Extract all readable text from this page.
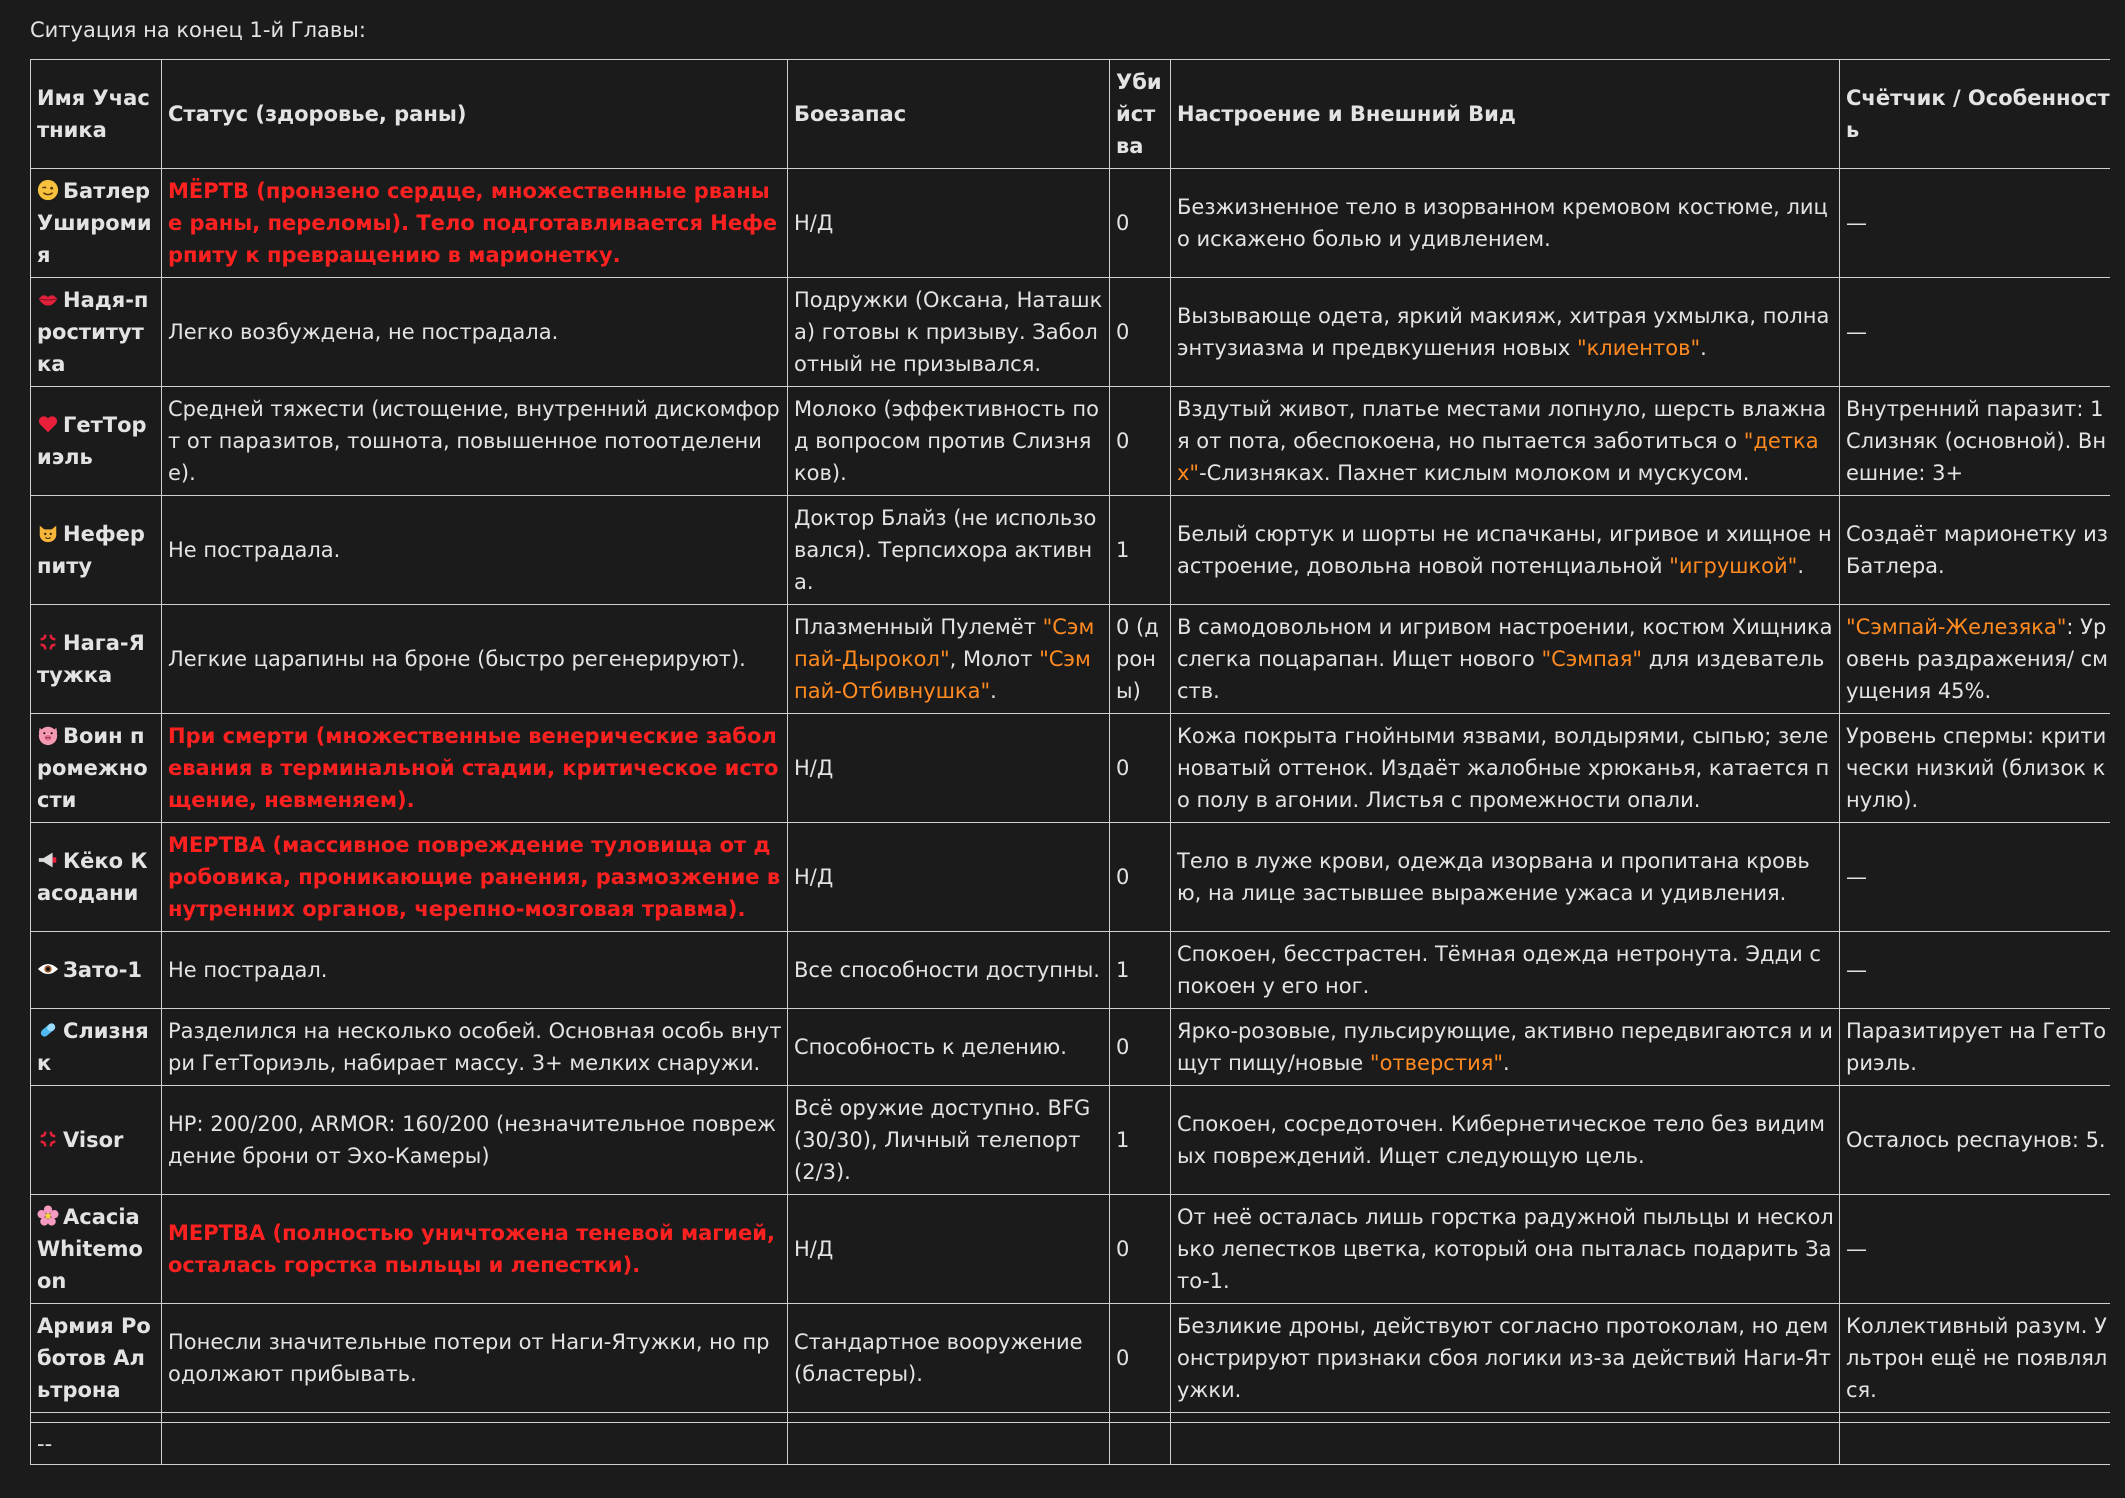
Ситуация на конец 1-й Главы:
Имя Участника	Статус (здоровье, раны)	Боезапас	Убийства	Настроение и Внешний Вид	Счётчик / Особенность
Батлер Уширомия	МЁРТВ (пронзено сердце, множественные рваные раны, переломы). Тело подготавливается Неферпиту к превращению в марионетку.	Н/Д	0	Безжизненное тело в изорванном кремовом костюме, лицо искажено болью и удивлением.	—
Надя-проститутка	Легко возбуждена, не пострадала.	Подружки (Оксана, Наташка) готовы к призыву. Заболотный не призывался.	0	Вызывающе одета, яркий макияж, хитрая ухмылка, полна энтузиазма и предвкушения новых "клиентов".	—
ГетТориэль	Средней тяжести (истощение, внутренний дискомфорт от паразитов, тошнота, повышенное потоотделение).	Молоко (эффективность под вопросом против Слизняков).	0	Вздутый живот, платье местами лопнуло, шерсть влажная от пота, обеспокоена, но пытается заботиться о "детках"-Слизняках. Пахнет кислым молоком и мускусом.	Внутренний паразит: 1 Слизняк (основной). Внешние: 3+
Неферпиту	Не пострадала.	Доктор Блайз (не использовался). Терпсихора активна.	1	Белый сюртук и шорты не испачканы, игривое и хищное настроение, довольна новой потенциальной "игрушкой".	Создаёт марионетку из Батлера.
Нага-Ятужка	Легкие царапины на броне (быстро регенерируют).	Плазменный Пулемёт "Сэмпай-Дырокол", Молот "Сэмпай-Отбивнушка".	0 (дроны)	В самодовольном и игривом настроении, костюм Хищника слегка поцарапан. Ищет нового "Сэмпая" для издевательств.	"Сэмпай-Железяка": Уровень раздражения/ смущения 45%.
Воин промежности	При смерти (множественные венерические заболевания в терминальной стадии, критическое истощение, невменяем).	Н/Д	0	Кожа покрыта гнойными язвами, волдырями, сыпью; зеленоватый оттенок. Издаёт жалобные хрюканья, катается по полу в агонии. Листья с промежности опали.	Уровень спермы: критически низкий (близок к нулю).
Кёко Касодани	МЕРТВА (массивное повреждение туловища от дробовика, проникающие ранения, размозжение внутренних органов, черепно-мозговая травма).	Н/Д	0	Тело в луже крови, одежда изорвана и пропитана кровью, на лице застывшее выражение ужаса и удивления.	—
Зато-1	Не пострадал.	Все способности доступны.	1	Спокоен, бесстрастен. Тёмная одежда нетронута. Эдди спокоен у его ног.	—
Слизняк	Разделился на несколько особей. Основная особь внутри ГетТориэль, набирает массу. 3+ мелких снаружи.	Способность к делению.	0	Ярко-розовые, пульсирующие, активно передвигаются и ищут пищу/новые "отверстия".	Паразитирует на ГетТориэль.
Visor	HP: 200/200, ARMOR: 160/200 (незначительное повреждение брони от Эхо-Камеры)	Всё оружие доступно. BFG (30/30), Личный телепорт (2/3).	1	Спокоен, сосредоточен. Кибернетическое тело без видимых повреждений. Ищет следующую цель.	Осталось респаунов: 5.
Acacia Whitemoon	МЕРТВА (полностью уничтожена теневой магией, осталась горстка пыльцы и лепестки).	Н/Д	0	От неё осталась лишь горстка радужной пыльцы и несколько лепестков цветка, который она пыталась подарить Зато-1.	—
Армия Роботов Альтрона	Понесли значительные потери от Наги-Ятужки, но продолжают прибывать.	Стандартное вооружение (бластеры).	0	Безликие дроны, действуют согласно протоколам, но демонстрируют признаки сбоя логики из-за действий Наги-Ятужки.	Коллективный разум. Ультрон ещё не появлялся.

--					
